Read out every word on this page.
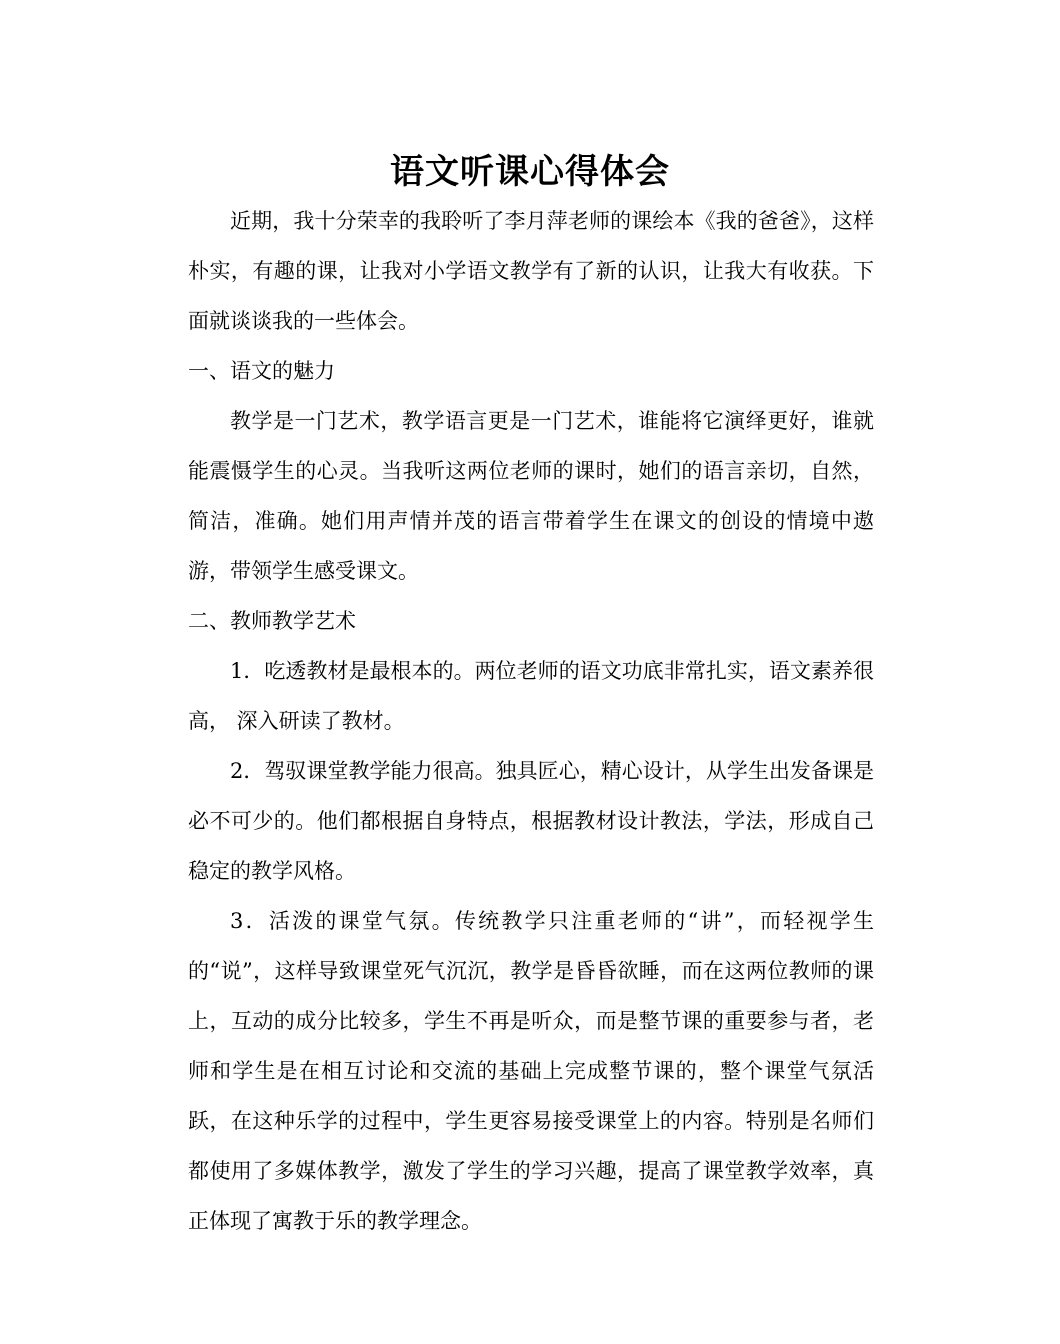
语文听课心得体会

近期，我十分荣幸的我聆听了李月萍老师的课绘本《我的爸爸》，这样朴实，有趣的课，让我对小学语文教学有了新的认识，让我大有收获。下面就谈谈我的一些体会。

一、语文的魅力

教学是一门艺术，教学语言更是一门艺术，谁能将它演绎更好，谁就能震慑学生的心灵。当我听这两位老师的课时，她们的语言亲切，自然，简洁，准确。她们用声情并茂的语言带着学生在课文的创设的情境中遨游，带领学生感受课文。

二、教师教学艺术

1．吃透教材是最根本的。两位老师的语文功底非常扎实，语文素养很高， 深入研读了教材。

2．驾驭课堂教学能力很高。独具匠心，精心设计，从学生出发备课是必不可少的。他们都根据自身特点，根据教材设计教法，学法，形成自己稳定的教学风格。

3．活泼的课堂气氛。传统教学只注重老师的“讲”，而轻视学生的“说”，这样导致课堂死气沉沉，教学是昏昏欲睡，而在这两位教师的课上，互动的成分比较多，学生不再是听众，而是整节课的重要参与者，老师和学生是在相互讨论和交流的基础上完成整节课的，整个课堂气氛活跃，在这种乐学的过程中，学生更容易接受课堂上的内容。特别是名师们都使用了多媒体教学，激发了学生的学习兴趣，提高了课堂教学效率，真正体现了寓教于乐的教学理念。
